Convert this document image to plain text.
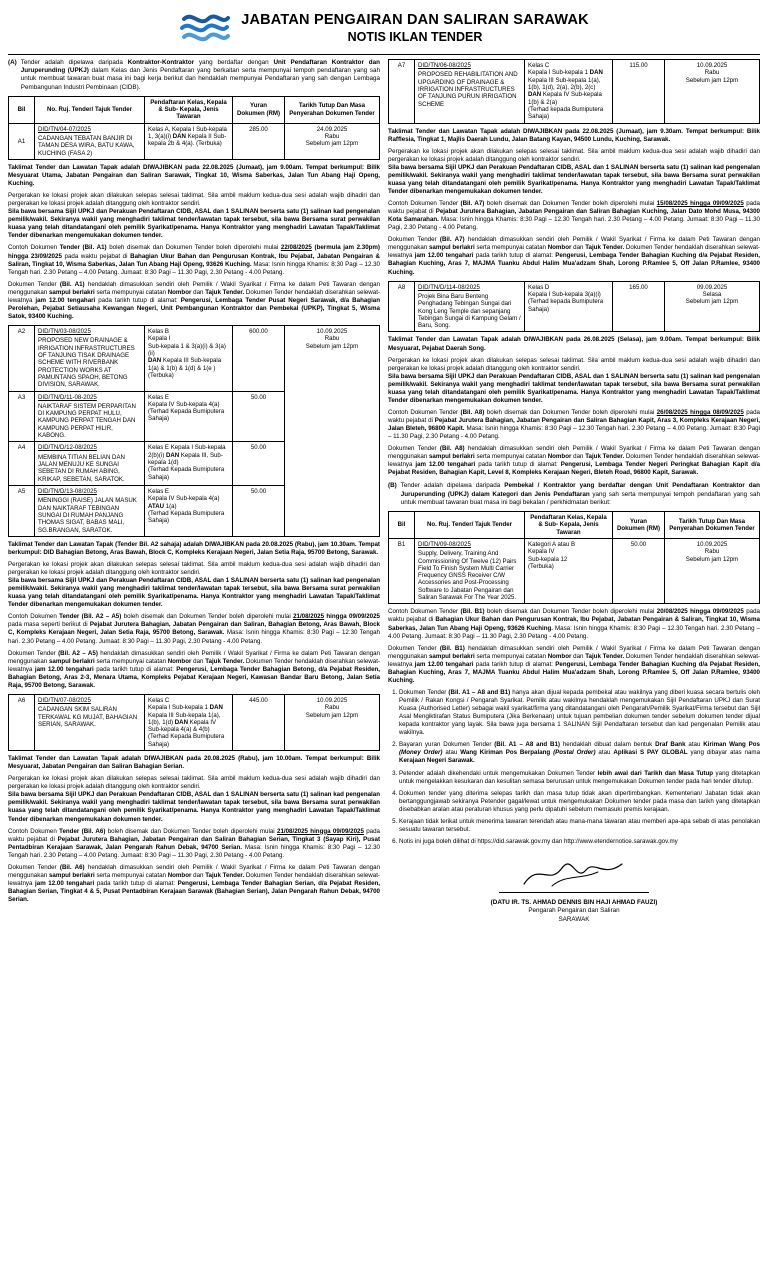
JABATAN PENGAIRAN DAN SALIRAN SARAWAK
NOTIS IKLAN TENDER
(A) Tender adalah dipelawa daripada Kontraktor-Kontraktor yang berdaftar dengan Unit Pendaftaran Kontraktor dan Juruperunding (UPKJ) dalam Kelas dan Jenis Pendaftaran yang berkaitan serta mempunyai tempoh pendaftaran yang sah untuk membuat tawaran buat masa ini bagi kerja berikut dan hendaklah mempunyai Pendaftaran yang sah dengan Lembaga Pembangunan Industri Pembinaan (CIDB).
Bil	No. Ruj. Tender/ Tajuk Tender	Pendaftaran Kelas, Kepala & Sub- Kepala, Jenis Tawaran	Yuran Dokumen (RM)	Tarikh Tutup Dan Masa Penyerahan Dokumen Tender
A1	DID/TN/04-07/2025
CADANGAN TEBATAN BANJIR DI TAMAN DESA WIRA, BATU KAWA, KUCHING (FASA 2)
	Kelas A, Kepala I Sub-kepala 1, 3(a)(i) DAN Kepala II Sub-kepala 2b & 4(a). (Terbuka)	285.00	24.09.2025
Rabu
Sebelum jam 12pm
Taklimat Tender dan Lawatan Tapak adalah DIWAJIBKAN pada 22.08.2025 (Jumaat), jam 9.00am. Tempat berkumpul: Bilik Mesyuarat Utama, Jabatan Pengairan dan Saliran Sarawak, Tingkat 10, Wisma Saberkas, Jalan Tun Abang Haji Openg, Kuching.
Pergerakan ke lokasi projek akan dilakukan selepas selesai taklimat. Sila ambil maklum kedua-dua sesi adalah wajib dihadiri dan pergerakan ke lokasi projek adalah ditanggung oleh kontraktor sendiri.
Sila bawa bersama Sijil UPKJ dan Perakuan Pendaftaran CIDB, ASAL dan 1 SALINAN berserta satu (1) salinan kad pengenalan pemilik/wakil. Sekiranya wakil yang menghadiri taklimat tender/lawatan tapak tersebut, sila bawa Bersama surat perwakilan kuasa yang telah ditandatangani oleh pemilik Syarikat/penama. Hanya Kontraktor yang menghadiri Lawatan Tapak/Taklimat Tender dibenarkan mengemukakan dokumen tender.
Contoh Dokumen Tender (Bil. A1) boleh disemak dan Dokumen Tender boleh diperolehi mulai 22/08/2025 (bermula jam 2.30pm) hingga 23/09/2025 pada waktu pejabat di Bahagian Ukur Bahan dan Pengurusan Kontrak, Ibu Pejabat, Jabatan Pengairan & Saliran, Tingkat 10, Wisma Saberkas, Jalan Tun Abang Haji Openg, 93626 Kuching. Masa: Isnin hingga Khamis: 8:30 Pagi – 12.30 Tengah hari. 2.30 Petang – 4.00 Petang. Jumaat: 8:30 Pagi – 11.30 Pagi, 2.30 Petang - 4.00 Petang.
Dokumen Tender (Bil. A1) hendaklah dimasukkan sendiri oleh Pemilik / Wakil Syarikat / Firma ke dalam Peti Tawaran dengan menggunakan sampul berlakri serta mempunyai catatan Nombor dan Tajuk Tender. Dokumen Tender hendaklah diserahkan selewat-lewatnya jam 12.00 tengahari pada tarikh tutup di alamat: Pengerusi, Lembaga Tender Pusat Negeri Sarawak, d/a Bahagian Perolehan, Pejabat Setiausaha Kewangan Negeri, Unit Pembangunan Kontraktor dan Pembekal (UPKP), Tingkat 5, Wisma Satok, 93400 Kuching.
A2	DID/TN/03-08/2025
PROPOSED NEW DRAINAGE & IRRIGATION INFRASTRUCTURES OF TANJUNG TISAK DRAINAGE SCHEME WITH RIVERBANK PROTECTION WORKS AT PAMUNTANG SPAOH, BETONG DIVISION, SARAWAK.
	Kelas B
Kepala I
Sub-kepala 1 & 3(a)(i) & 3(a)(ii)
DAN Kepala III Sub-kepala 1(a) & 1(b) & 1(d) & 1(e )
(Terbuka)	600.00	10.09.2025
Rabu
Sebelum jam 12pm

A3	DID/TN/D/11-08-2025
NAIKTARAF SISTEM PERPARITAN DI KAMPUNG PERPAT HULU, KAMPUNG PERPAT TENGAH DAN KAMPUNG PERPAT HILIR, KABONG.	Kelas E
Kepala IV Sub-kepala 4(a)
(Terhad Kepada Bumiputera Sahaja)	50.00	
A4	DID/TN/D/12-08/2025
MEMBINA TITIAN BELIAN DAN JALAN MENUJU KE SUNGAI SEBETAN DI RUMAH ABING, KRIKAP, SEBETAN, SARATOK.	Kelas E Kepala I Sub-kepala 2(b)(i) DAN Kepala III, Sub-kepala 1(d)
(Terhad Kepada Bumiputera Sahaja)	50.00	
A5	DID/TN/D/13-08/2025
MENINGGI (RAISE) JALAN MASUK DAN NAIKTARAF TEBINGAN SUNGAI DI RUMAH PANJANG THOMAS SIGAT, BABAS MALI, SG.BRANGAN, SARATOK.	Kelas E
Kepala IV Sub-kepala 4(a) ATAU 1(a)
(Terhad Kepada Bumiputera Sahaja)	50.00	
Taklimat Tender dan Lawatan Tapak (Tender Bil. A2 sahaja) adalah DIWAJIBKAN pada 20.08.2025 (Rabu), jam 10.30am. Tempat berkumpul: DID Bahagian Betong, Aras Bawah, Block C, Kompleks Kerajaan Negeri, Jalan Setia Raja, 95700 Betong, Sarawak.
Pergerakan ke lokasi projek akan dilakukan selepas selesai taklimat. Sila ambil maklum kedua-dua sesi adalah wajib dihadiri dan pergerakan ke lokasi projek adalah ditanggung oleh kontraktor sendiri.
Sila bawa bersama Sijil UPKJ dan Perakuan Pendaftaran CIDB, ASAL dan 1 SALINAN berserta satu (1) salinan kad pengenalan pemilik/wakil. Sekiranya wakil yang menghadiri taklimat tender/lawatan tapak tersebut, sila bawa Bersama surat perwakilan kuasa yang telah ditandatangani oleh pemilik Syarikat/penama. Hanya Kontraktor yang menghadiri Lawatan Tapak/Taklimat Tender dibenarkan mengemukakan dokumen tender.
Contoh Dokumen Tender (Bil. A2 – A5) boleh disemak dan Dokumen Tender boleh diperolehi mulai 21/08/2025 hingga 09/09/2025 pada masa seperti berikut di Pejabat Jurutera Bahagian, Jabatan Pengairan dan Saliran, Bahagian Betong, Aras Bawah, Block C, Kompleks Kerajaan Negeri, Jalan Setia Raja, 95700 Betong, Sarawak. Masa: Isnin hingga Khamis: 8:30 Pagi – 12.30 Tengah hari. 2.30 Petang – 4.00 Petang. Jumaat: 8:30 Pagi – 11.30 Pagi, 2.30 Petang - 4.00 Petang.
Dokumen Tender (Bil. A2 – A5) hendaklah dimasukkan sendiri oleh Pemilik / Wakil Syarikat / Firma ke dalam Peti Tawaran dengan menggunakan sampul berlakri serta mempunyai catatan Nombor dan Tajuk Tender. Dokumen Tender hendaklah diserahkan selewat-lewatnya jam 12.00 tengahari pada tarikh tutup di alamat: Pengerusi, Lembaga Tender Bahagian Betong, d/a Pejabat Residen, Bahagian Betong, Aras 2-3, Menara Utama, Kompleks Pejabat Kerajaan Negeri, Kawasan Bandar Baru Betong, Jalan Setia Raja, 95700 Betong, Sarawak.
A6	DID/TN/07-08/2025
CADANGAN SKIM SALIRAN TERKAWAL KG MUJAT, BAHAGIAN SERIAN, SARAWAK.
	Kelas C
Kepala I Sub-kepala 1 DAN Kepala III Sub-kepala 1(a), 1(b), 1(d) DAN Kepala IV Sub-kepala 4(a) & 4(b)
(Terhad Kepada Bumiputera Sahaja)	445.00	10.09.2025
Rabu
Sebelum jam 12pm
Taklimat Tender dan Lawatan Tapak adalah DIWAJIBKAN pada 20.08.2025 (Rabu), jam 10.00am. Tempat berkumpul: Bilik Mesyuarat, Jabatan Pengairan dan Saliran Bahagian Serian.
Pergerakan ke lokasi projek akan dilakukan selepas selesai taklimat. Sila ambil maklum kedua-dua sesi adalah wajib dihadiri dan pergerakan ke lokasi projek adalah ditanggung oleh kontraktor sendiri.
Sila bawa bersama Sijil UPKJ dan Perakuan Pendaftaran CIDB, ASAL dan 1 SALINAN berserta satu (1) salinan kad pengenalan pemilik/wakil. Sekiranya wakil yang menghadiri taklimat tender/lawatan tapak tersebut, sila bawa Bersama surat perwakilan kuasa yang telah ditandatangani oleh pemilik Syarikat/penama. Hanya Kontraktor yang menghadiri Lawatan Tapak/Taklimat Tender dibenarkan mengemukakan dokumen tender.
Contoh Dokumen Tender (Bil. A6) boleh disemak dan Dokumen Tender boleh diperolehi mulai 21/08/2025 hingga 09/09/2025 pada waktu pejabat di Pejabat Jurutera Bahagian, Jabatan Pengairan dan Saliran Bahagian Serian, Tingkat 3 (Sayap Kiri), Pusat Pentadbiran Kerajaan Sarawak, Jalan Pengarah Rahun Debak, 94700 Serian. Masa: Isnin hingga Khamis: 8:30 Pagi – 12.30 Tengah hari. 2.30 Petang – 4.00 Petang. Jumaat: 8:30 Pagi – 11.30 Pagi, 2.30 Petang - 4.00 Petang.
Dokumen Tender (Bil. A6) hendaklah dimasukkan sendiri oleh Pemilik / Wakil Syarikat / Firma ke dalam Peti Tawaran dengan menggunakan sampul berlakri serta mempunyai catatan Nombor dan Tajuk Tender. Dokumen Tender hendaklah diserahkan selewat-lewatnya jam 12.00 tengahari pada tarikh tutup di alamat: Pengerusi, Lembaga Tender Bahagian Serian, d/a Pejabat Residen, Bahagian Serian, Tingkat 4 & 5, Pusat Pentadbiran Kerajaan Sarawak (Bahagian Serian), Jalan Pengarah Rahun Debak, 94700 Serian.
A7	DID/TN/06-08/2025
PROPOSED REHABILITATION AND UPGARDING OF DRAINAGE & IRRIGATION INFRASTRUCTURES OF TANJUNG PURUN IRRIGATION SCHEME
	Kelas C
Kepala I Sub-kepala 1 DAN Kepala III Sub-kepala 1(a), 1(b), 1(d), 2(a), 2(b), 2(c) DAN Kepala IV Sub-kepala 1(b) & 2(a)
(Terhad kepada Bumiputera Sahaja)	115.00	10.09.2025
Rabu
Sebelum jam 12pm
Taklimat Tender dan Lawatan Tapak adalah DIWAJIBKAN pada 22.08.2025 (Jumaat), jam 9.30am. Tempat berkumpul: Bilik Rafflesia, Tingkat 1, Majlis Daerah Lundu, Jalan Batang Kayan, 94500 Lundu, Kuching, Sarawak.
Pergerakan ke lokasi projek akan dilakukan selepas selesai taklimat. Sila ambil maklum kedua-dua sesi adalah wajib dihadiri dan pergerakan ke lokasi projek adalah ditanggung oleh kontraktor sendiri.
Sila bawa bersama Sijil UPKJ dan Perakuan Pendaftaran CIDB, ASAL dan 1 SALINAN berserta satu (1) salinan kad pengenalan pemilik/wakil. Sekiranya wakil yang menghadiri taklimat tender/lawatan tapak tersebut, sila bawa Bersama surat perwakilan kuasa yang telah ditandatangani oleh pemilik Syarikat/penama. Hanya Kontraktor yang menghadiri Lawatan Tapak/Taklimat Tender dibenarkan mengemukakan dokumen tender.
Contoh Dokumen Tender (Bil. A7) boleh disemak dan Dokumen Tender boleh diperolehi mulai 15/08/2025 hingga 09/09/2025 pada waktu pejabat di Pejabat Jurutera Bahagian, Jabatan Pengairan dan Saliran Bahagian Kuching, Jalan Dato Mohd Musa, 94300 Kota Samarahan. Masa: Isnin hingga Khamis: 8:30 Pagi – 12.30 Tengah hari. 2.30 Petang – 4.00 Petang. Jumaat: 8:30 Pagi – 11.30 Pagi, 2.30 Petang - 4.00 Petang.
Dokumen Tender (Bil. A7) hendaklah dimasukkan sendiri oleh Pemilik / Wakil Syarikat / Firma ke dalam Peti Tawaran dengan menggunakan sampul berlakri serta mempunyai catatan Nombor dan Tajuk Tender. Dokumen Tender hendaklah diserahkan selewat-lewatnya jam 12.00 tengahari pada tarikh tutup di alamat: Pengerusi, Lembaga Tender Bahagian Kuching d/a Pejabat Residen, Bahagian Kuching, Aras 7, MAJMA Tuanku Abdul Halim Mua'adzam Shah, Lorong P.Ramlee 5, Off Jalan P.Ramlee, 93400 Kuching.
A8	DID/TN/D/114-08/2025
Projek Bina Baru Benteng Penghadang Tebingan Sungai dari Kong Leng Temple dan sepanjang Tebingan Sungai di Kampung Gelam / Baru, Song.
	Kelas D
Kepala I Sub-kepala 3(a)(i)
(Terhad kepada Bumiputera Sahaja)	165.00	09.09.2025
Selasa
Sebelum jam 12pm
Taklimat Tender dan Lawatan Tapak adalah DIWAJIBKAN pada 26.08.2025 (Selasa), jam 9.00am. Tempat berkumpul: Bilik Mesyuarat, Pejabat Daerah Song.
Pergerakan ke lokasi projek akan dilakukan selepas selesai taklimat. Sila ambil maklum kedua-dua sesi adalah wajib dihadiri dan pergerakan ke lokasi projek adalah ditanggung oleh kontraktor sendiri.
Sila bawa bersama Sijil UPKJ dan Perakuan Pendaftaran CIDB, ASAL dan 1 SALINAN berserta satu (1) salinan kad pengenalan pemilik/wakil. Sekiranya wakil yang menghadiri taklimat tender/lawatan tapak tersebut, sila bawa Bersama surat perwakilan kuasa yang telah ditandatangani oleh pemilik Syarikat/penama. Hanya Kontraktor yang menghadiri Lawatan Tapak/Taklimat Tender dibenarkan mengemukakan dokumen tender.
Contoh Dokumen Tender (Bil. A8) boleh disemak dan Dokumen Tender boleh diperolehi mulai 26/08/2025 hingga 08/09/2025 pada waktu pejabat di Pejabat Jurutera Bahagian, Jabatan Pengairan dan Saliran Bahagian Kapit, Aras 3, Kompleks Kerajaan Negeri, Jalan Bleteh, 96800 Kapit. Masa: Isnin hingga Khamis: 8:30 Pagi – 12.30 Tengah hari. 2.30 Petang – 4.00 Petang. Jumaat: 8:30 Pagi – 11.30 Pagi, 2.30 Petang - 4.00 Petang.
Dokumen Tender (Bil. A8) hendaklah dimasukkan sendiri oleh Pemilik / Wakil Syarikat / Firma ke dalam Peti Tawaran dengan menggunakan sampul berlakri serta mempunyai catatan Nombor dan Tajuk Tender. Dokumen Tender hendaklah diserahkan selewat-lewatnya jam 12.00 tengahari pada tarikh tutup di alamat: Pengerusi, Lembaga Tender Negeri Peringkat Bahagian Kapit d/a Pejabat Residen, Bahagian Kapit, Level 8, Kompleks Kerajaan Negeri, Bleteh Road, 96800 Kapit, Sarawak.
(B) Tender adalah dipelawa daripada Pembekal / Kontraktor yang berdaftar dengan Unit Pendaftaran Kontraktor dan Juruperunding (UPKJ) dalam Kategori dan Jenis Pendaftaran yang sah serta mempunyai tempoh pendaftaran yang sah untuk membuat tawaran buat masa ini bagi bekalan / perkhidmatan berikut:
Bil	No. Ruj. Tender/ Tajuk Tender	Pendaftaran Kelas, Kepala & Sub- Kepala, Jenis Tawaran	Yuran Dokumen (RM)	Tarikh Tutup Dan Masa Penyerahan Dokumen Tender
B1	DID/TN/09-08/2025
Supply, Delivery, Training And Commissioning Of Twelve (12) Pairs Field To Finish System Multi Carrier Frequency GNSS Receiver C/W Accessories and Post-Processing Software to Jabatan Pengairan dan Saliran Sarawak For The Year 2025.
	Kategori A atau B
Kepala IV
Sub-kepala 12
(Terbuka)	50.00	10.09.2025
Rabu
Sebelum jam 12pm
Contoh Dokumen Tender (Bil. B1) boleh disemak dan Dokumen Tender boleh diperolehi mulai 20/08/2025 hingga 09/09/2025 pada waktu pejabat di Bahagian Ukur Bahan dan Pengurusan Kontrak, Ibu Pejabat, Jabatan Pengairan & Saliran, Tingkat 10, Wisma Saberkas, Jalan Tun Abang Haji Openg, 93626 Kuching. Masa: Isnin hingga Khamis: 8:30 Pagi – 12.30 Tengah hari. 2.30 Petang – 4.00 Petang. Jumaat: 8:30 Pagi – 11.30 Pagi, 2.30 Petang - 4.00 Petang.
Dokumen Tender (Bil. B1) hendaklah dimasukkan sendiri oleh Pemilik / Wakil Syarikat / Firma ke dalam Peti Tawaran dengan menggunakan sampul berlakri serta mempunyai catatan Nombor dan Tajuk Tender. Dokumen Tender hendaklah diserahkan selewat-lewatnya jam 12.00 tengahari pada tarikh tutup di alamat: Pengerusi, Lembaga Tender Bahagian Kuching d/a Pejabat Residen, Bahagian Kuching, Aras 7, MAJMA Tuanku Abdul Halim Mua'adzam Shah, Lorong P.Ramlee 5, Off Jalan P.Ramlee, 93400 Kuching.
1. Dokumen Tender (Bil. A1 – A8 and B1) hanya akan dijual kepada pembekal atau wakilnya yang diberi kuasa secara bertulis oleh Pemilik / Rakan Kongsi / Pengarah Syarikat. Pemilik atau wakilnya hendaklah mengemukakan Sijil Pendaftaran UPKJ dan Surat Kuasa (Authorised Letter) sebagai wakil syarikat/firma yang ditandatangani oleh Pengarah/Pemilik Syarikat/Firma tersebut dan Sijil Asal Mengiktirafan Status Bumiputera (Jika Berkenaan) untuk tujuan pembelian dokumen tender sebelum dokumen tender dijual kepada kontraktor yang layak. Sila bawa juga bersama 1 SALINAN Sijil Pendaftaran tersebut dan kad pengenalan Pemilik atau wakilnya.
2. Bayaran yuran Dokumen Tender (Bil. A1 – A8 and B1) hendaklah dibuat dalam bentuk Draf Bank atau Kiriman Wang Pos (Money Order) atau Wang Kiriman Pos Berpalang (Postal Order) atau Aplikasi S PAY GLOBAL yang dibayar atas nama Kerajaan Negeri Sarawak.
3. Petender adalah dikehendaki untuk mengemukakan Dokumen Tender lebih awal dari Tarikh dan Masa Tutup yang ditetapkan untuk mengelakkan kesukaran dan kesulitan semasa berurusan untuk mengemukakan Dokumen tender pada hari tender ditutup.
4. Dokumen tender yang diterima selepas tarikh dan masa tutup tidak akan dipertimbangkan. Kementerian/ Jabatan tidak akan bertanggungjawab sekiranya Petender gagal/lewat untuk mengemukakan Dokumen tender pada masa dan tarikh yang ditetapkan disebabkan aralan atau peraturan khusus yang perlu dipatuhi sebelum memasuki premis kerajaan.
5. Kerajaan tidak terikat untuk menerima tawaran terendah atau mana-mana tawaran atau memberi apa-apa sebab di atas penolakan sesuatu tawaran tersebut.
6. Notis ini juga boleh dilihat di https://did.sarawak.gov.my dan http://www.etendernotice.sarawak.gov.my
(DATU IR. TS. AHMAD DENNIS BIN HAJI AHMAD FAUZI)
Pengarah Pengairan dan Saliran
SARAWAK
